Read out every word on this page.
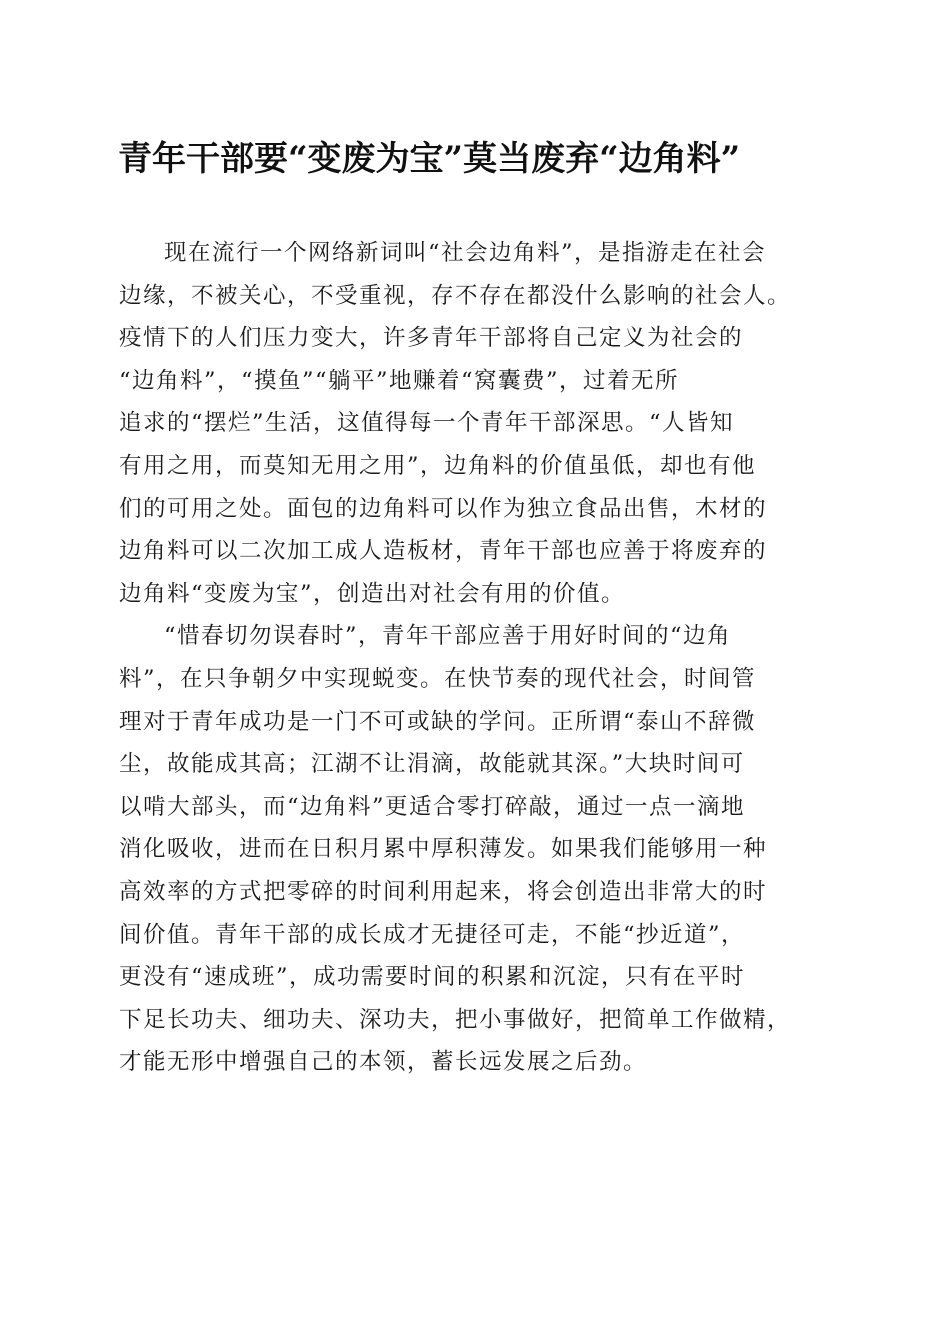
青年干部要“变废为宝”莫当废弃“边角料”
现在流行一个网络新词叫“社会边角料”，是指游走在社会
边缘，不被关心，不受重视，存不存在都没什么影响的社会人。
疫情下的人们压力变大，许多青年干部将自己定义为社会的
“边角料”，“摸鱼”“躺平”地赚着“窝囊费”，过着无所
追求的“摆烂”生活，这值得每一个青年干部深思。“人皆知
有用之用，而莫知无用之用”，边角料的价值虽低，却也有他
们的可用之处。面包的边角料可以作为独立食品出售，木材的
边角料可以二次加工成人造板材，青年干部也应善于将废弃的
边角料“变废为宝”，创造出对社会有用的价值。
“惜春切勿误春时”，青年干部应善于用好时间的“边角
料”，在只争朝夕中实现蜕变。在快节奏的现代社会，时间管
理对于青年成功是一门不可或缺的学问。正所谓“泰山不辞微
尘，故能成其高；江湖不让涓滴，故能就其深。”大块时间可
以啃大部头，而“边角料”更适合零打碎敲，通过一点一滴地
消化吸收，进而在日积月累中厚积薄发。如果我们能够用一种
高效率的方式把零碎的时间利用起来，将会创造出非常大的时
间价值。青年干部的成长成才无捷径可走，不能“抄近道”，
更没有“速成班”，成功需要时间的积累和沉淀，只有在平时
下足长功夫、细功夫、深功夫，把小事做好，把简单工作做精，
才能无形中增强自己的本领，蓄长远发展之后劲。
